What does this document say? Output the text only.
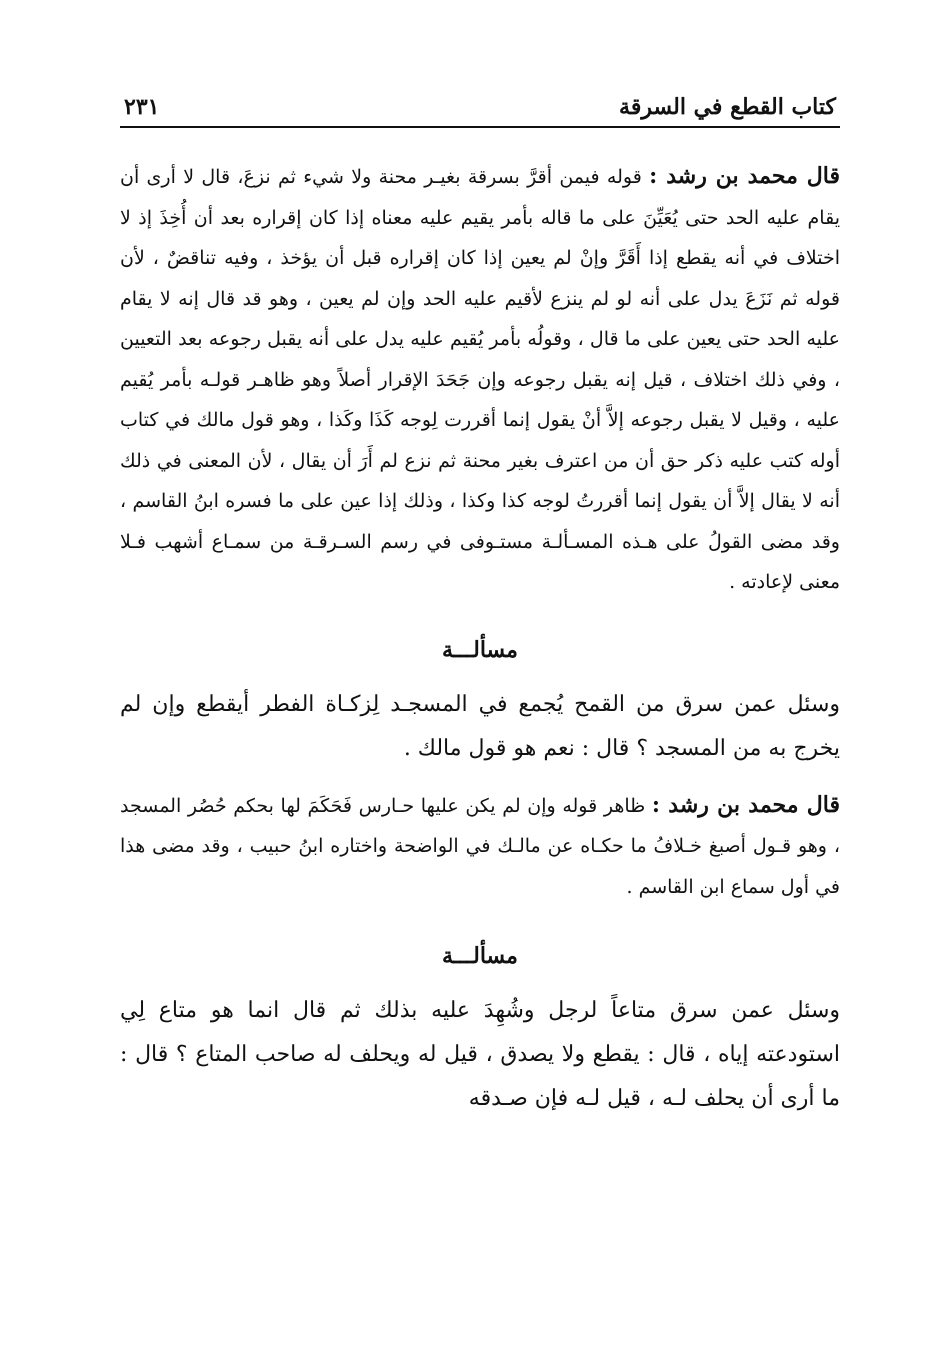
كتاب القطع في السرقة
٢٣١

قال محمد بن رشد : قوله فيمن أقرَّ بسرقة بغيـر محنة ولا شيء ثم نزعَ، قال لا أرى أن يقام عليه الحد حتى يُعَيِّنَ على ما قاله بأمر يقيم عليه معناه إذا كان إقراره بعد أن أُخِذَ إذ لا اختلاف في أنه يقطع إذا أَقَرَّ وإنْ لم يعين إذا كان إقراره قبل أن يؤخذ ، وفيه تناقضٌ ، لأن قوله ثم نَزَعَ يدل على أنه لو لم ينزع لأقيم عليه الحد وإن لم يعين ، وهو قد قال إنه لا يقام عليه الحد حتى يعين على ما قال ، وقولُه بأمر يُقيم عليه يدل على أنه يقبل رجوعه بعد التعيين ، وفي ذلك اختلاف ، قيل إنه يقبل رجوعه وإن جَحَدَ الإقرار أصلاً وهو ظاهـر قولـه بأمر يُقيم عليه ، وقيل لا يقبل رجوعه إلاَّ أنْ يقول إنما أقررت لِوجه كَذَا وكَذا ، وهو قول مالك في كتاب أوله كتب عليه ذكر حق أن من اعترف بغير محنة ثم نزع لم أَرَ أن يقال ، لأن المعنى في ذلك أنه لا يقال إلاَّ أن يقول إنما أقررتُ لوجه كذا وكذا ، وذلك إذا عين على ما فسره ابنُ القاسم ، وقد مضى القولُ على هـذه المسـألـة مستـوفى في رسم السـرقـة من سمـاع أشهب فـلا معنى لإعادته .

مسألـــة

وسئل عمن سرق من القمح يُجمع في المسجـد لِزكـاة الفطر أيقطع وإن لم يخرج به من المسجد ؟ قال : نعم هو قول مالك .

قال محمد بن رشد : ظاهر قوله وإن لم يكن عليها حـارس فَحَكَمَ لها بحكم حُصُر المسجد ، وهو قـول أصبغ خـلافُ ما حكـاه عن مالـك في الواضحة واختاره ابنُ حبيب ، وقد مضى هذا في أول سماع ابن القاسم .

مسألـــة

وسئل عمن سرق متاعاً لرجل وشُهِدَ عليه بذلك ثم قال انما هو متاع لِي استودعته إياه ، قال : يقطع ولا يصدق ، قيل له ويحلف له صاحب المتاع ؟ قال : ما أرى أن يحلف لـه ، قيل لـه فإن صـدقه
